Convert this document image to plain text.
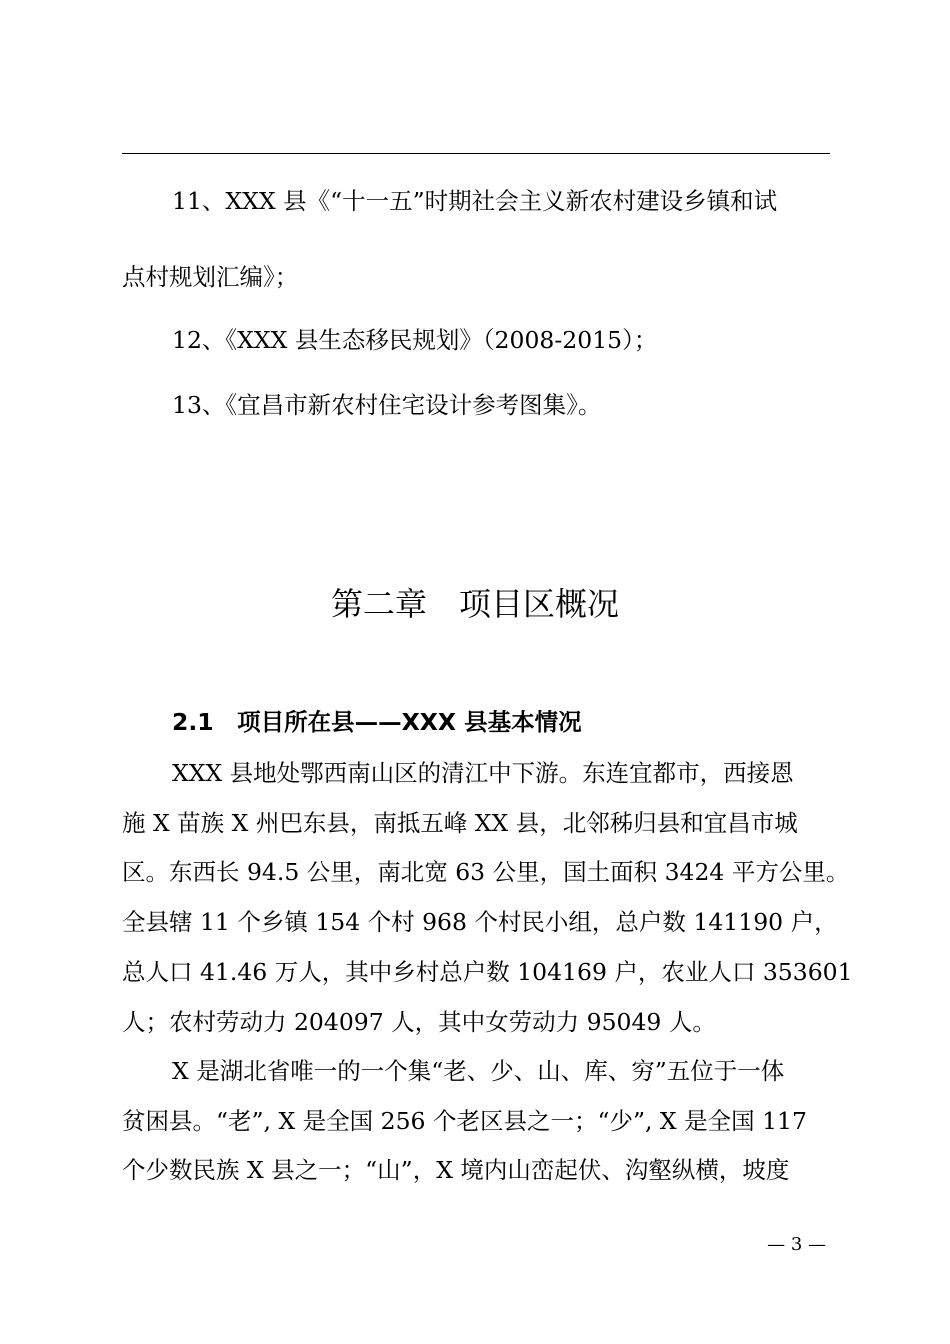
11、XXX 县《“十一五”时期社会主义新农村建设乡镇和试
点村规划汇编》；
12、《XXX 县生态移民规划》（2008-2015）；
13、《宜昌市新农村住宅设计参考图集》。
第二章　项目区概况
2.1　项目所在县——XXX 县基本情况
XXX 县地处鄂西南山区的清江中下游。东连宜都市，西接恩
施 X 苗族 X 州巴东县，南抵五峰 XX 县，北邻秭归县和宜昌市城
区。东西长 94.5 公里，南北宽 63 公里，国土面积 3424 平方公里。
全县辖 11 个乡镇 154 个村 968 个村民小组，总户数 141190 户，
总人口 41.46 万人，其中乡村总户数 104169 户，农业人口 353601
人；农村劳动力 204097 人，其中女劳动力 95049 人。
X 是湖北省唯一的一个集“老、少、山、库、穷”五位于一体
贫困县。“老”, X 是全国 256 个老区县之一；“少”, X 是全国 117
个少数民族 X 县之一；“山”，X 境内山峦起伏、沟壑纵横，坡度
— 3 —
